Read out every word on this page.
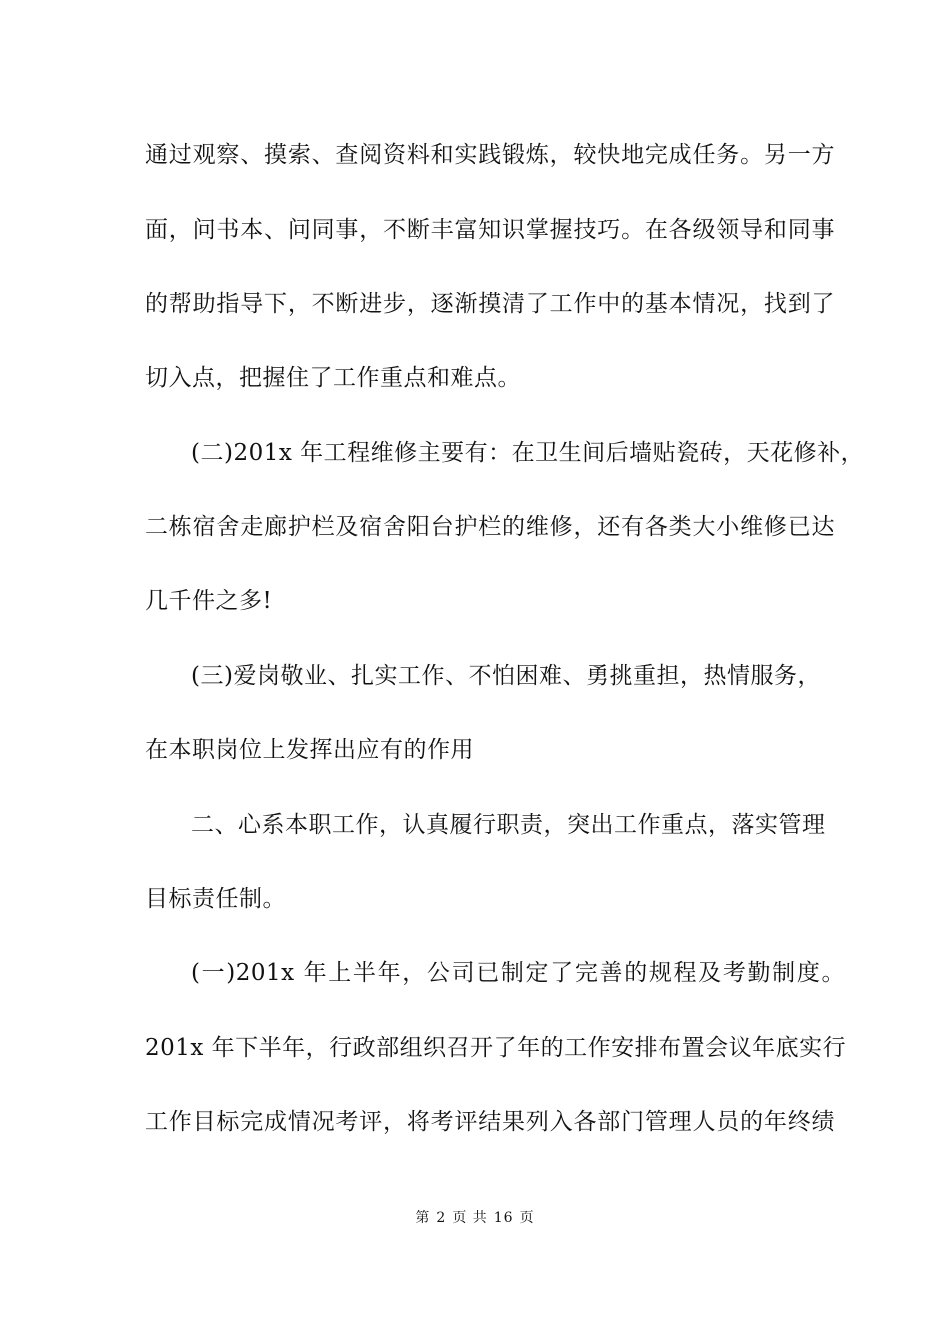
通过观察、摸索、查阅资料和实践锻炼，较快地完成任务。另一方
面，问书本、问同事，不断丰富知识掌握技巧。在各级领导和同事
的帮助指导下，不断进步，逐渐摸清了工作中的基本情况，找到了
切入点，把握住了工作重点和难点。
(二)201x 年工程维修主要有：在卫生间后墙贴瓷砖，天花修补，
二栋宿舍走廊护栏及宿舍阳台护栏的维修，还有各类大小维修已达
几千件之多!
(三)爱岗敬业、扎实工作、不怕困难、勇挑重担，热情服务，
在本职岗位上发挥出应有的作用
二、心系本职工作，认真履行职责，突出工作重点，落实管理
目标责任制。
(一)201x 年上半年，公司已制定了完善的规程及考勤制度。
201x 年下半年，行政部组织召开了年的工作安排布置会议年底实行
工作目标完成情况考评，将考评结果列入各部门管理人员的年终绩
第 2 页 共 16 页
